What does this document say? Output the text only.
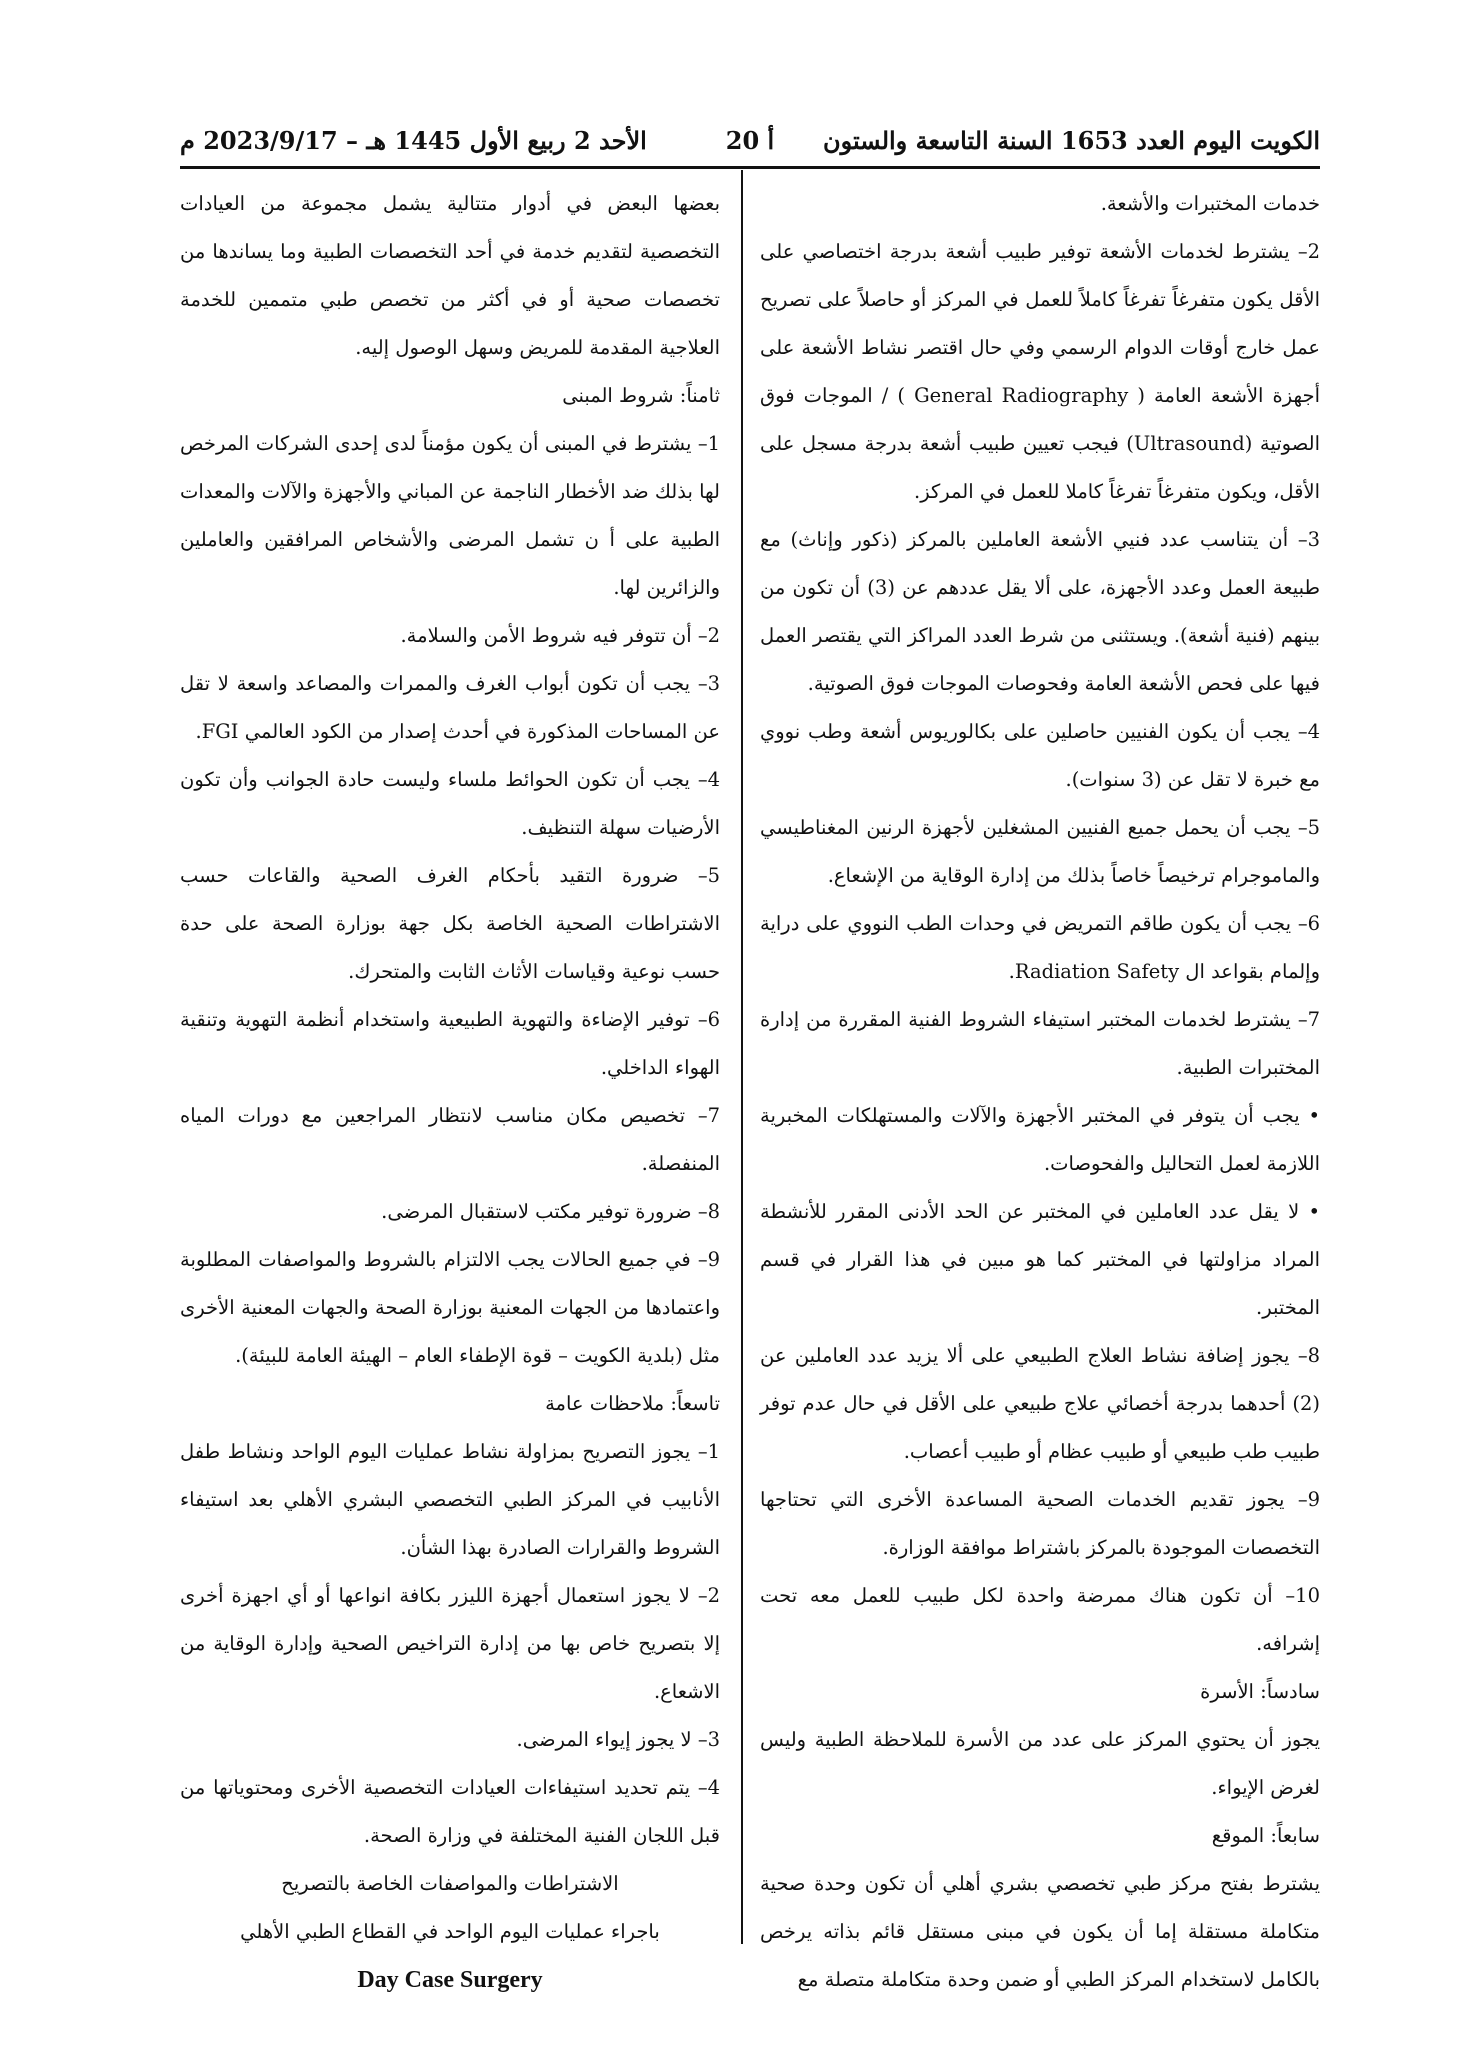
الكويت اليوم العدد 1653 السنة التاسعة والستون
أ 20
الأحد 2 ربيع الأول 1445 هـ – 2023/9/17 م

خدمات المختبرات والأشعة.

2– يشترط لخدمات الأشعة توفير طبيب أشعة بدرجة اختصاصي على الأقل يكون متفرغاً تفرغاً كاملاً للعمل في المركز أو حاصلاً على تصريح عمل خارج أوقات الدوام الرسمي وفي حال اقتصر نشاط الأشعة على أجهزة الأشعة العامة ( General Radiography ) / الموجات فوق الصوتية (Ultrasound) فيجب تعيين طبيب أشعة بدرجة مسجل على الأقل، ويكون متفرغاً تفرغاً كاملا للعمل في المركز.

3– أن يتناسب عدد فنيي الأشعة العاملين بالمركز (ذكور وإناث) مع طبيعة العمل وعدد الأجهزة، على ألا يقل عددهم عن (3) أن تكون من بينهم (فنية أشعة). ويستثنى من شرط العدد المراكز التي يقتصر العمل فيها على فحص الأشعة العامة وفحوصات الموجات فوق الصوتية.

4– يجب أن يكون الفنيين حاصلين على بكالوريوس أشعة وطب نووي مع خبرة لا تقل عن (3 سنوات).

5– يجب أن يحمل جميع الفنيين المشغلين لأجهزة الرنين المغناطيسي والماموجرام ترخيصاً خاصاً بذلك من إدارة الوقاية من الإشعاع.

6– يجب أن يكون طاقم التمريض في وحدات الطب النووي على دراية وإلمام بقواعد ال Radiation Safety.

7– يشترط لخدمات المختبر استيفاء الشروط الفنية المقررة من إدارة المختبرات الطبية.

• يجب أن يتوفر في المختبر الأجهزة والآلات والمستهلكات المخبرية اللازمة لعمل التحاليل والفحوصات.

• لا يقل عدد العاملين في المختبر عن الحد الأدنى المقرر للأنشطة المراد مزاولتها في المختبر كما هو مبين في هذا القرار في قسم المختبر.

8– يجوز إضافة نشاط العلاج الطبيعي على ألا يزيد عدد العاملين عن (2) أحدهما بدرجة أخصائي علاج طبيعي على الأقل في حال عدم توفر طبيب طب طبيعي أو طبيب عظام أو طبيب أعصاب.

9– يجوز تقديم الخدمات الصحية المساعدة الأخرى التي تحتاجها التخصصات الموجودة بالمركز باشتراط موافقة الوزارة.

10– أن تكون هناك ممرضة واحدة لكل طبيب للعمل معه تحت إشرافه.

سادساً: الأسرة

يجوز أن يحتوي المركز على عدد من الأسرة للملاحظة الطبية وليس لغرض الإيواء.

سابعاً: الموقع

يشترط بفتح مركز طبي تخصصي بشري أهلي أن تكون وحدة صحية متكاملة مستقلة إما أن يكون في مبنى مستقل قائم بذاته يرخص بالكامل لاستخدام المركز الطبي أو ضمن وحدة متكاملة متصلة مع

بعضها البعض في أدوار متتالية يشمل مجموعة من العيادات التخصصية لتقديم خدمة في أحد التخصصات الطبية وما يساندها من تخصصات صحية أو في أكثر من تخصص طبي متممين للخدمة العلاجية المقدمة للمريض وسهل الوصول إليه.

ثامناً: شروط المبنى

1– يشترط في المبنى أن يكون مؤمناً لدى إحدى الشركات المرخص لها بذلك ضد الأخطار الناجمة عن المباني والأجهزة والآلات والمعدات الطبية على أ ن تشمل المرضى والأشخاص المرافقين والعاملين والزائرين لها.

2– أن تتوفر فيه شروط الأمن والسلامة.

3– يجب أن تكون أبواب الغرف والممرات والمصاعد واسعة لا تقل عن المساحات المذكورة في أحدث إصدار من الكود العالمي FGI.

4– يجب أن تكون الحوائط ملساء وليست حادة الجوانب وأن تكون الأرضيات سهلة التنظيف.

5– ضرورة التقيد بأحكام الغرف الصحية والقاعات حسب الاشتراطات الصحية الخاصة بكل جهة بوزارة الصحة على حدة حسب نوعية وقياسات الأثاث الثابت والمتحرك.

6– توفير الإضاءة والتهوية الطبيعية واستخدام أنظمة التهوية وتنقية الهواء الداخلي.

7– تخصيص مكان مناسب لانتظار المراجعين مع دورات المياه المنفصلة.

8– ضرورة توفير مكتب لاستقبال المرضى.

9– في جميع الحالات يجب الالتزام بالشروط والمواصفات المطلوبة واعتمادها من الجهات المعنية بوزارة الصحة والجهات المعنية الأخرى مثل (بلدية الكويت – قوة الإطفاء العام – الهيئة العامة للبيئة).

تاسعاً: ملاحظات عامة

1– يجوز التصريح بمزاولة نشاط عمليات اليوم الواحد ونشاط طفل الأنابيب في المركز الطبي التخصصي البشري الأهلي بعد استيفاء الشروط والقرارات الصادرة بهذا الشأن.

2– لا يجوز استعمال أجهزة الليزر بكافة انواعها أو أي اجهزة أخرى إلا بتصريح خاص بها من إدارة التراخيص الصحية وإدارة الوقاية من الاشعاع.

3– لا يجوز إيواء المرضى.

4– يتم تحديد استيفاءات العيادات التخصصية الأخرى ومحتوياتها من قبل اللجان الفنية المختلفة في وزارة الصحة.

الاشتراطات والمواصفات الخاصة بالتصريح

باجراء عمليات اليوم الواحد في القطاع الطبي الأهلي

Day Case Surgery
